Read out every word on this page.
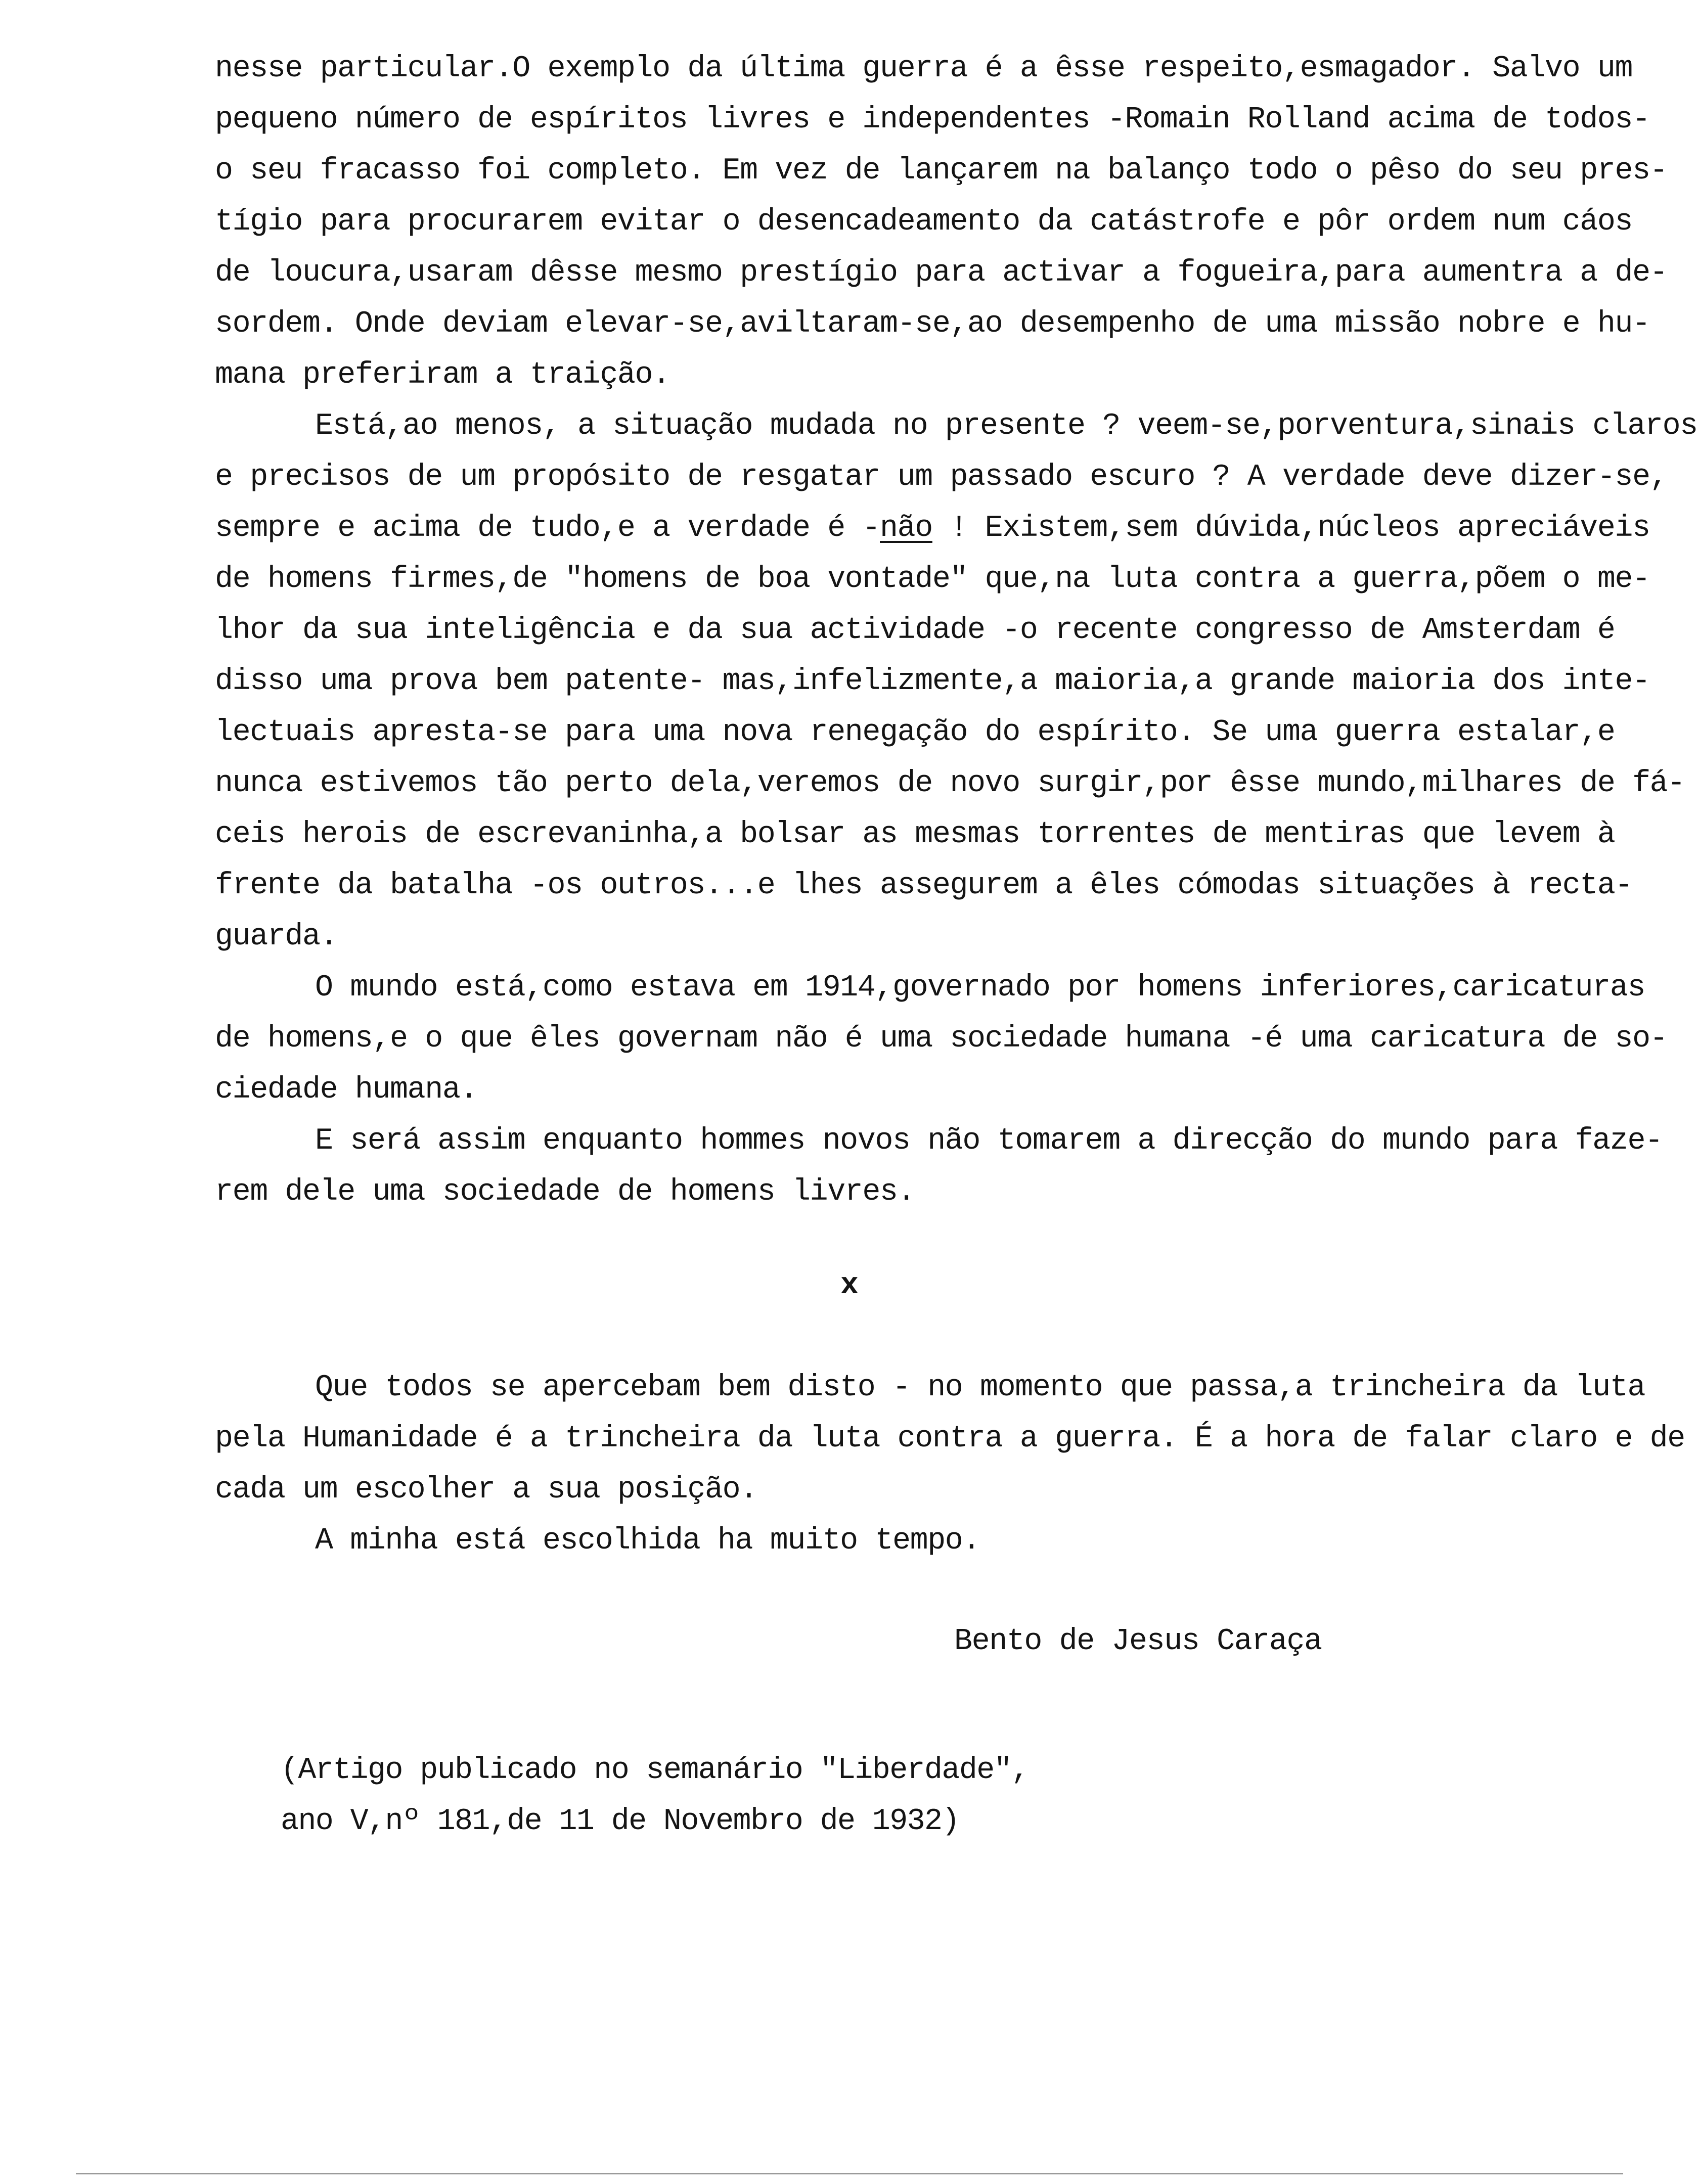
nesse particular.O exemplo da última guerra é a êsse respeito,esmagador. Salvo um
pequeno número de espíritos livres e independentes -Romain Rolland acima de todos-
o seu fracasso foi completo. Em vez de lançarem na balanço todo o pêso do seu pres-
tígio para procurarem evitar o desencadeamento da catástrofe e pôr ordem num cáos
de loucura,usaram dêsse mesmo prestígio para activar a fogueira,para aumentra a de-
sordem. Onde deviam elevar-se,aviltaram-se,ao desempenho de uma missão nobre e hu-
mana preferiram a traição.
Está,ao menos, a situação mudada no presente ? veem-se,porventura,sinais claros
e precisos de um propósito de resgatar um passado escuro ? A verdade deve dizer-se,
sempre e acima de tudo,e a verdade é -não ! Existem,sem dúvida,núcleos apreciáveis
de homens firmes,de "homens de boa vontade" que,na luta contra a guerra,põem o me-
lhor da sua inteligência e da sua actividade -o recente congresso de Amsterdam é
disso uma prova bem patente- mas,infelizmente,a maioria,a grande maioria dos inte-
lectuais apresta-se para uma nova renegação do espírito. Se uma guerra estalar,e
nunca estivemos tão perto dela,veremos de novo surgir,por êsse mundo,milhares de fá-
ceis herois de escrevaninha,a bolsar as mesmas torrentes de mentiras que levem à
frente da batalha -os outros...e lhes assegurem a êles cómodas situações à recta-
guarda.
O mundo está,como estava em 1914,governado por homens inferiores,caricaturas
de homens,e o que êles governam não é uma sociedade humana -é uma caricatura de so-
ciedade humana.
E será assim enquanto hommes novos não tomarem a direcção do mundo para faze-
rem dele uma sociedade de homens livres.
x
Que todos se apercebam bem disto - no momento que passa,a trincheira da luta
pela Humanidade é a trincheira da luta contra a guerra. É a hora de falar claro e de
cada um escolher a sua posição.
A minha está escolhida ha muito tempo.
Bento de Jesus Caraça
(Artigo publicado no semanário "Liberdade",
ano V,nº 181,de 11 de Novembro de 1932)
